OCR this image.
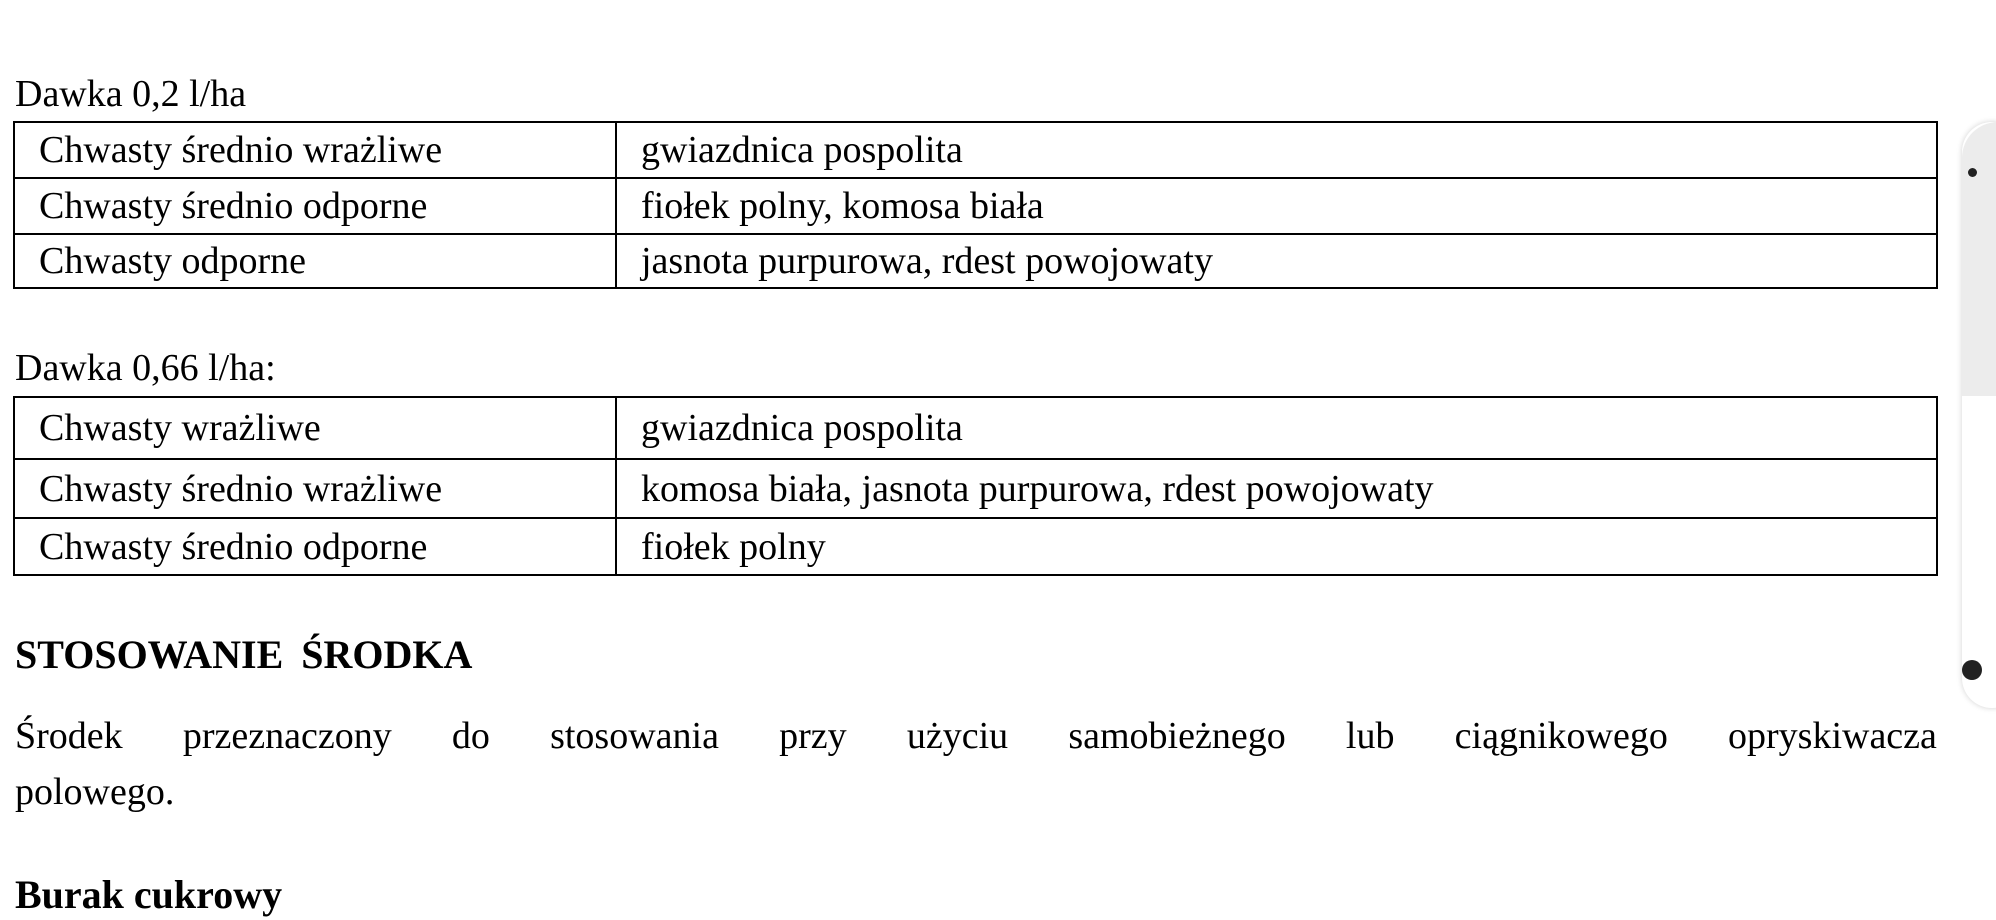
Dawka 0,2 l/ha
Chwasty średnio wrażliwe	gwiazdnica pospolita
Chwasty średnio odporne	fiołek polny, komosa biała
Chwasty odporne	jasnota purpurowa, rdest powojowaty
Dawka 0,66 l/ha:
Chwasty wrażliwe	gwiazdnica pospolita
Chwasty średnio wrażliwe	komosa biała, jasnota purpurowa, rdest powojowaty
Chwasty średnio odporne	fiołek polny
STOSOWANIE ŚRODKA
Środek przeznaczony do stosowania przy użyciu samobieżnego lub ciągnikowego opryskiwacza
polowego.
Burak cukrowy
